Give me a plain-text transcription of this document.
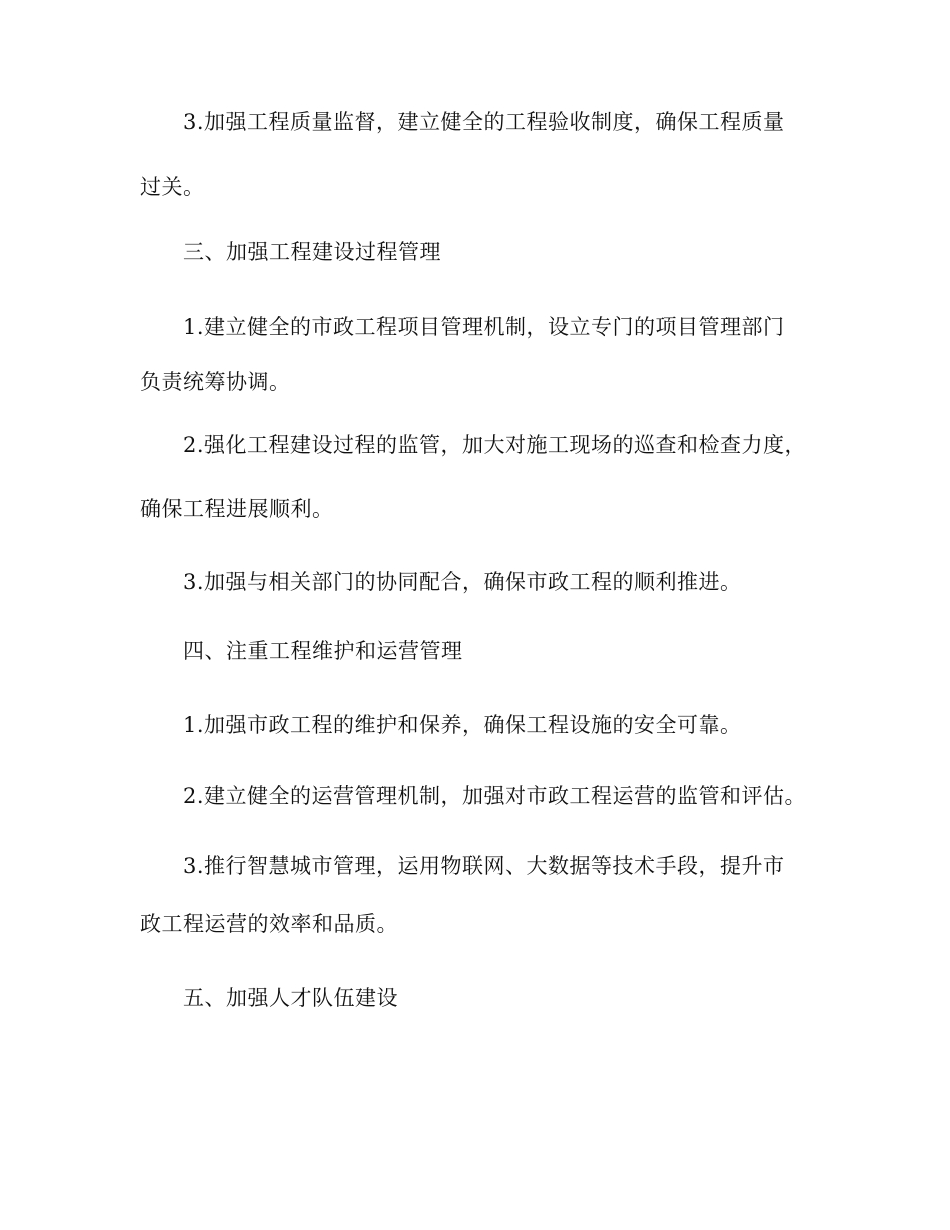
3.加强工程质量监督，建立健全的工程验收制度，确保工程质量
过关。
三、加强工程建设过程管理
1.建立健全的市政工程项目管理机制，设立专门的项目管理部门
负责统筹协调。
2.强化工程建设过程的监管，加大对施工现场的巡查和检查力度，
确保工程进展顺利。
3.加强与相关部门的协同配合，确保市政工程的顺利推进。
四、注重工程维护和运营管理
1.加强市政工程的维护和保养，确保工程设施的安全可靠。
2.建立健全的运营管理机制，加强对市政工程运营的监管和评估。
3.推行智慧城市管理，运用物联网、大数据等技术手段，提升市
政工程运营的效率和品质。
五、加强人才队伍建设
